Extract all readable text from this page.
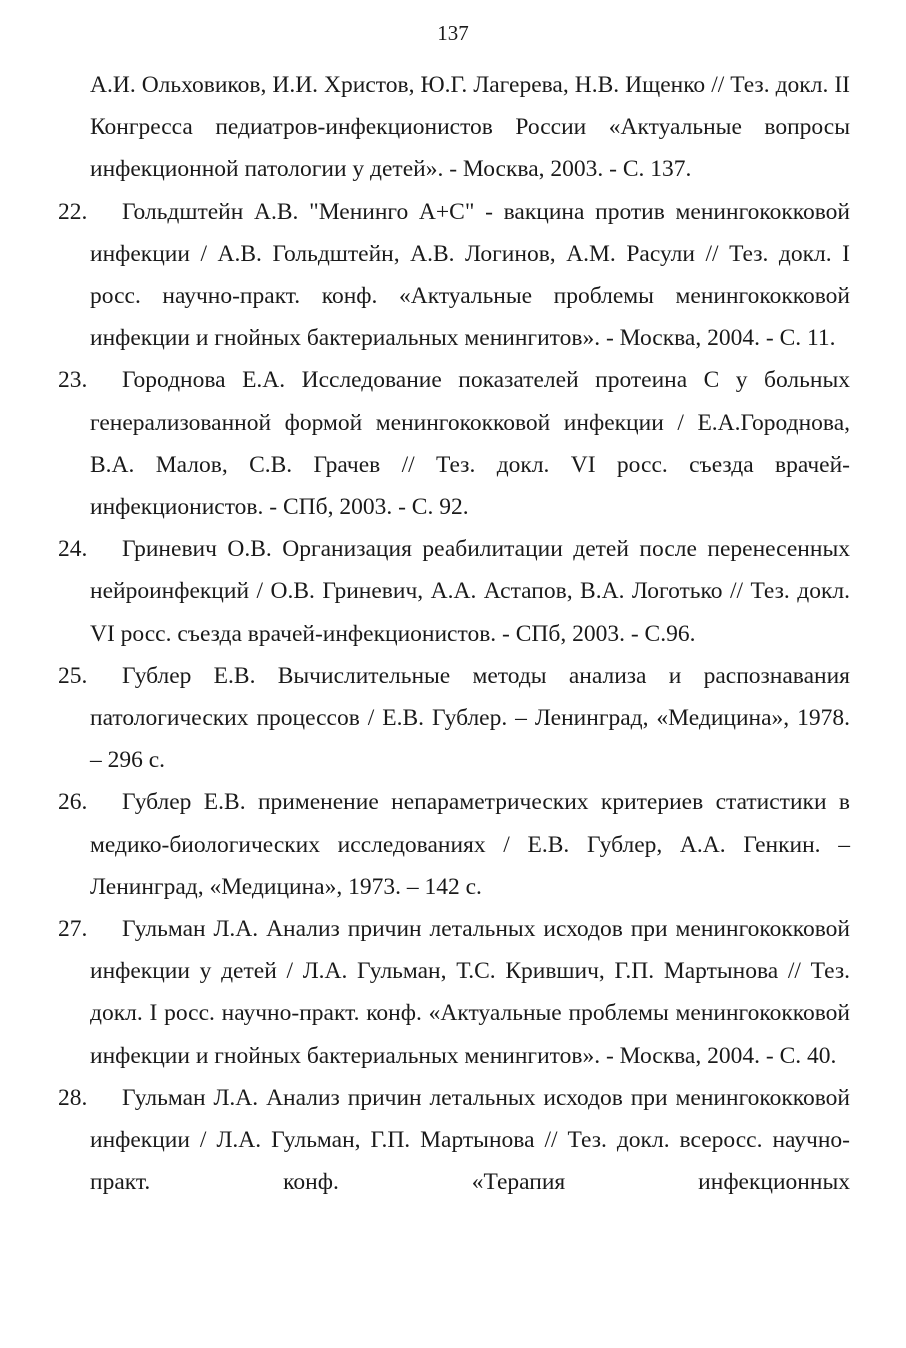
137

А.И. Ольховиков, И.И. Христов, Ю.Г. Лагерева, Н.В. Ищенко // Тез. докл. II Конгресса педиатров-инфекционистов России «Актуальные вопросы инфекционной патологии у детей». - Москва, 2003. - С. 137.

22. Гольдштейн А.В. "Менинго А+С" - вакцина против менингококковой инфекции / А.В. Гольдштейн, А.В. Логинов, А.М. Расули // Тез. докл. I росс. научно-практ. конф. «Актуальные проблемы менингококковой инфекции и гнойных бактериальных менингитов». - Москва, 2004. - С. 11.

23. Городнова Е.А. Исследование показателей протеина С у больных генерализованной формой менингококковой инфекции / Е.А.Городнова, В.А. Малов, С.В. Грачев // Тез. докл. VI росс. съезда врачей-инфекционистов. - СПб, 2003. - С. 92.

24. Гриневич О.В. Организация реабилитации детей после перенесенных нейроинфекций / О.В. Гриневич, А.А. Астапов, В.А. Логотько // Тез. докл. VI росс. съезда врачей-инфекционистов. - СПб, 2003. - С.96.

25. Гублер Е.В. Вычислительные методы анализа и распознавания патологических процессов / Е.В. Гублер. – Ленинград, «Медицина», 1978. – 296 с.

26. Гублер Е.В. применение непараметрических критериев статистики в медико-биологических исследованиях / Е.В. Гублер, А.А. Генкин. – Ленинград, «Медицина», 1973. – 142 с.

27. Гульман Л.А. Анализ причин летальных исходов при менингококковой инфекции у детей / Л.А. Гульман, Т.С. Крившич, Г.П. Мартынова // Тез. докл. I росс. научно-практ. конф. «Актуальные проблемы менингококковой инфекции и гнойных бактериальных менингитов». - Москва, 2004. - С. 40.

28. Гульман Л.А. Анализ причин летальных исходов при менингококковой инфекции / Л.А. Гульман, Г.П. Мартынова // Тез. докл. всеросс. научно-практ. конф. «Терапия инфекционных
